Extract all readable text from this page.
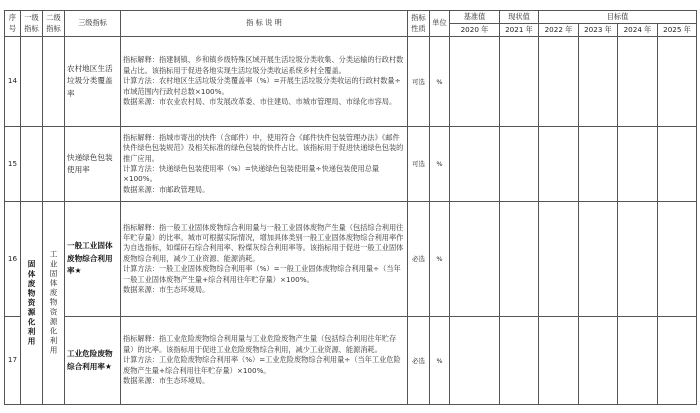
序号	一级指标	二级指标	三级指标	指 标 说 明	指标性质	单位	基准值	现状值	目标值			
							2020 年	2021 年	2022 年	2023 年	2024 年	2025 年
14			农村地区生活垃圾分类覆盖率	指标解释：指建制镇、乡和镇乡级特殊区域开展生活垃圾分类收集、分类运输的行政村数量占比。该指标用于促进各地实现生活垃圾分类收运系统乡村全覆盖。
计算方法：农村地区生活垃圾分类覆盖率（%）=开展生活垃圾分类收运的行政村数量÷市域范围内行政村总数×100%。
数据来源：市农业农村局、市发展改革委、市住建局、市城市管理局、市绿化市容局。	可选	%						
15			快递绿色包装使用率	指标解释：指城市寄出的快件（含邮件）中，使用符合《邮件快件包装管理办法》《邮件快件绿色包装规范》及相关标准的绿色包装的快件占比。该指标用于促进快递绿色包装的推广应用。
计算方法：快递绿色包装使用率（%）=快递绿色包装使用量÷快递包装使用总量×100%。
数据来源：市邮政管理局。	可选	%						
16	固体废物资源化利用	工业固体废物资源化利用	一般工业固体废物综合利用率★	指标解释：指一般工业固体废物综合利用量与一般工业固体废物产生量（包括综合利用往年贮存量）的比率。城市可根据实际情况，增加具体类别一般工业固体废物综合利用率作为自选指标，如煤矸石综合利用率、粉煤灰综合利用率等。该指标用于促进一般工业固体废物综合利用，减少工业资源、能源消耗。
计算方法：一般工业固体废物综合利用率（%）=一般工业固体废物综合利用量÷（当年一般工业固体废物产生量+综合利用往年贮存量）×100%。
数据来源：市生态环境局。	必选	%						
17			工业危险废物综合利用率★	指标解释：指工业危险废物综合利用量与工业危险废物产生量（包括综合利用往年贮存量）的比率。该指标用于促进工业危险废物综合利用，减少工业资源、能源消耗。
计算方法：工业危险废物综合利用率（%）=工业危险废物综合利用量÷（当年工业危险废物产生量+综合利用往年贮存量）×100%。
数据来源：市生态环境局。	必选	%						
